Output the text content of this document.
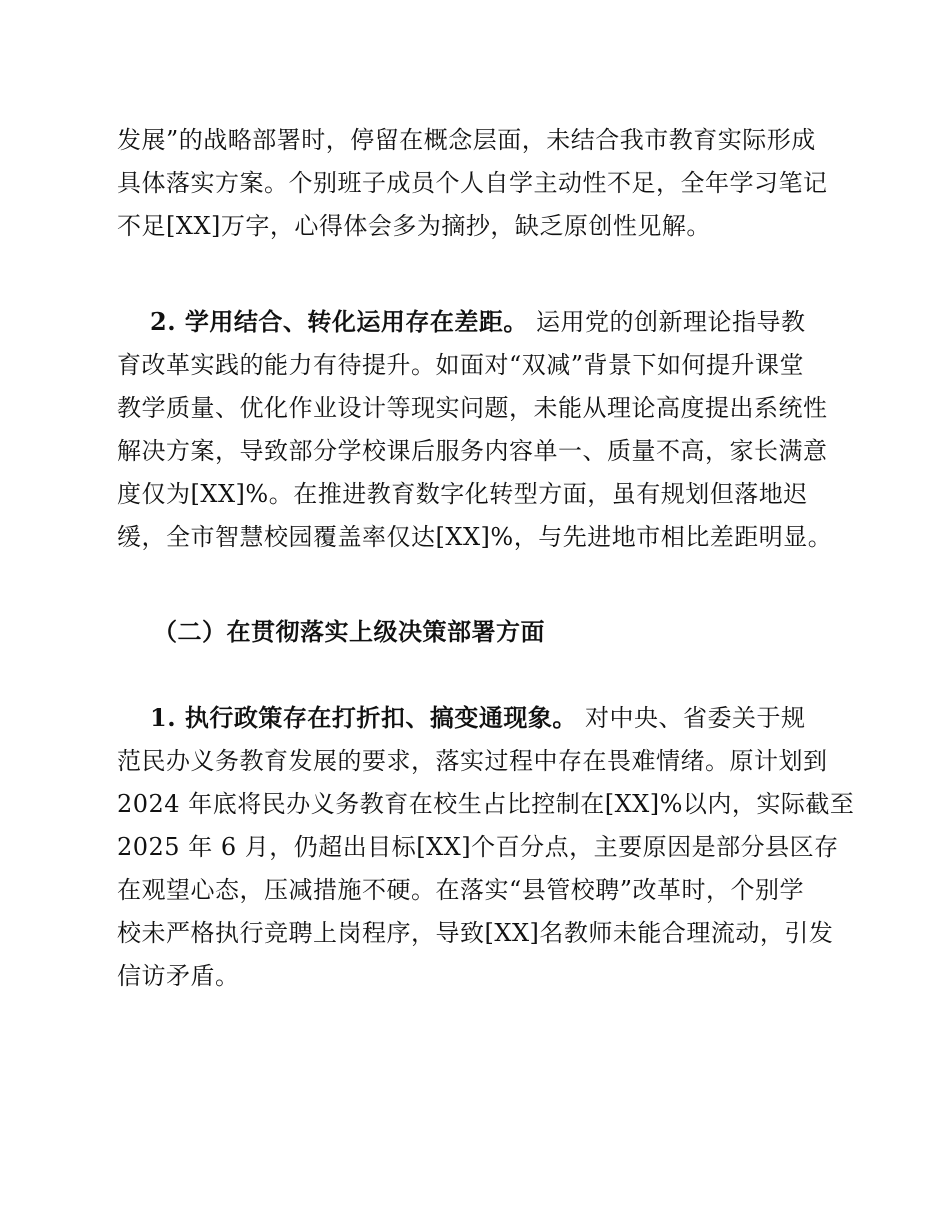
发展”的战略部署时，停留在概念层面，未结合我市教育实际形成
具体落实方案。个别班子成员个人自学主动性不足，全年学习笔记
不足[XX]万字，心得体会多为摘抄，缺乏原创性见解。
2. 学用结合、转化运用存在差距。 运用党的创新理论指导教
育改革实践的能力有待提升。如面对“双减”背景下如何提升课堂
教学质量、优化作业设计等现实问题，未能从理论高度提出系统性
解决方案，导致部分学校课后服务内容单一、质量不高，家长满意
度仅为[XX]%。在推进教育数字化转型方面，虽有规划但落地迟
缓，全市智慧校园覆盖率仅达[XX]%，与先进地市相比差距明显。
（二）在贯彻落实上级决策部署方面
1. 执行政策存在打折扣、搞变通现象。 对中央、省委关于规
范民办义务教育发展的要求，落实过程中存在畏难情绪。原计划到
2024 年底将民办义务教育在校生占比控制在[XX]%以内，实际截至
2025 年 6 月，仍超出目标[XX]个百分点，主要原因是部分县区存
在观望心态，压减措施不硬。在落实“县管校聘”改革时，个别学
校未严格执行竞聘上岗程序，导致[XX]名教师未能合理流动，引发
信访矛盾。
